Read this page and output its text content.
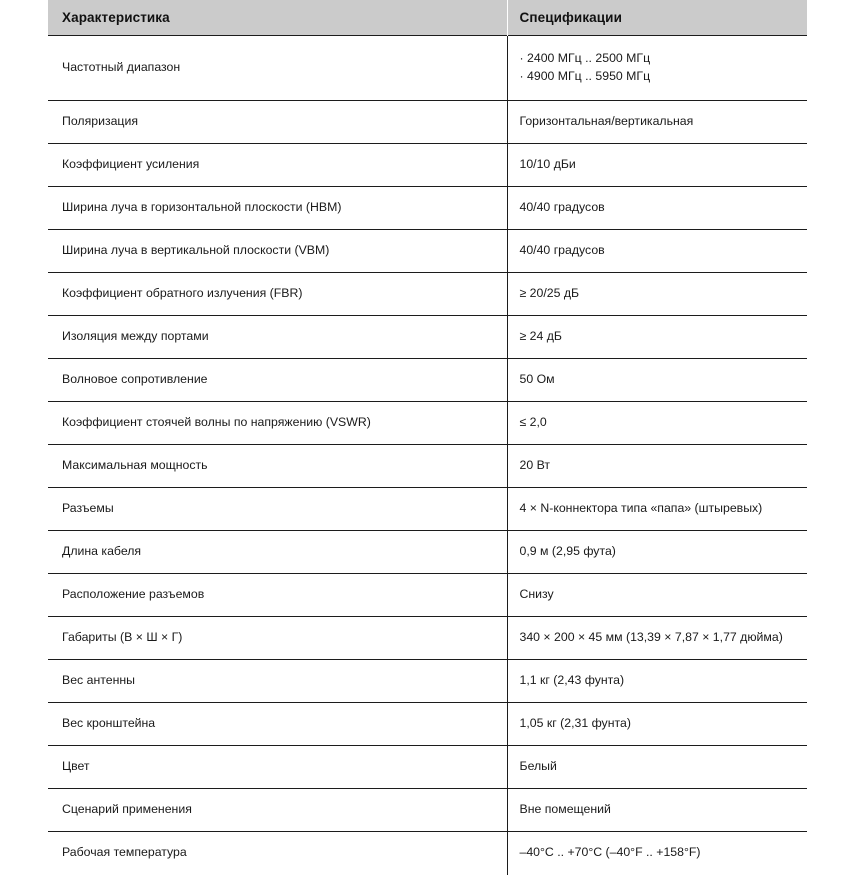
Характеристика	Спецификации
Частотный диапазон	· 2400 МГц .. 2500 МГц
· 4900 МГц .. 5950 МГц

Поляризация	Горизонтальная/вертикальная
Коэффициент усиления	10/10 дБи
Ширина луча в горизонтальной плоскости (HBM)	40/40 градусов
Ширина луча в вертикальной плоскости (VBM)	40/40 градусов
Коэффициент обратного излучения (FBR)	≥ 20/25 дБ
Изоляция между портами	≥ 24 дБ
Волновое сопротивление	50 Ом
Коэффициент стоячей волны по напряжению (VSWR)	≤ 2,0
Максимальная мощность	20 Вт
Разъемы	4 × N-коннектора типа «папа» (штыревых)
Длина кабеля	0,9 м (2,95 фута)
Расположение разъемов	Снизу
Габариты (В × Ш × Г)	340 × 200 × 45 мм (13,39 × 7,87 × 1,77 дюйма)
Вес антенны	1,1 кг (2,43 фунта)
Вес кронштейна	1,05 кг (2,31 фунта)
Цвет	Белый
Сценарий применения	Вне помещений
Рабочая температура	–40°C .. +70°C (–40°F .. +158°F)
